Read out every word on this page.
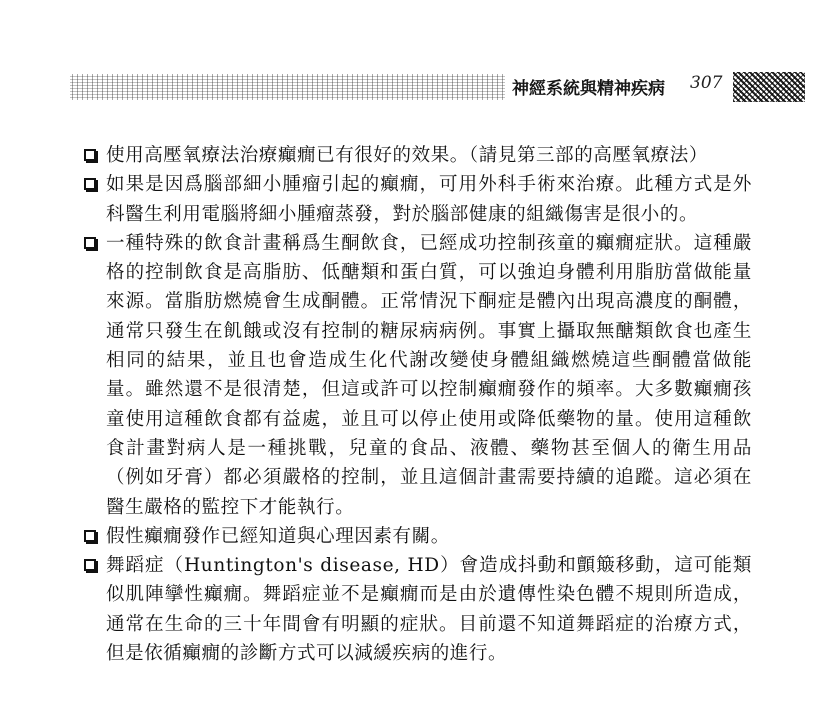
神經系統與精神疾病 307
使用高壓氧療法治療癲癇已有很好的效果。（請見第三部的高壓氧療法）
如果是因爲腦部細小腫瘤引起的癲癇，可用外科手術來治療。此種方式是外科醫生利用電腦將細小腫瘤蒸發，對於腦部健康的組織傷害是很小的。
一種特殊的飲食計畫稱爲生酮飲食，已經成功控制孩童的癲癇症狀。這種嚴格的控制飲食是高脂肪、低醣類和蛋白質，可以強迫身體利用脂肪當做能量來源。當脂肪燃燒會生成酮體。正常情況下酮症是體內出現高濃度的酮體，通常只發生在飢餓或沒有控制的糖尿病病例。事實上攝取無醣類飲食也產生相同的結果，並且也會造成生化代謝改變使身體組織燃燒這些酮體當做能量。雖然還不是很清楚，但這或許可以控制癲癇發作的頻率。大多數癲癇孩童使用這種飲食都有益處，並且可以停止使用或降低藥物的量。使用這種飲食計畫對病人是一種挑戰，兒童的食品、液體、藥物甚至個人的衛生用品（例如牙膏）都必須嚴格的控制，並且這個計畫需要持續的追蹤。這必須在醫生嚴格的監控下才能執行。
假性癲癇發作已經知道與心理因素有關。
舞蹈症（Huntington's disease, HD）會造成抖動和顫簸移動，這可能類似肌陣攣性癲癇。舞蹈症並不是癲癇而是由於遺傳性染色體不規則所造成，通常在生命的三十年間會有明顯的症狀。目前還不知道舞蹈症的治療方式，但是依循癲癇的診斷方式可以減緩疾病的進行。
